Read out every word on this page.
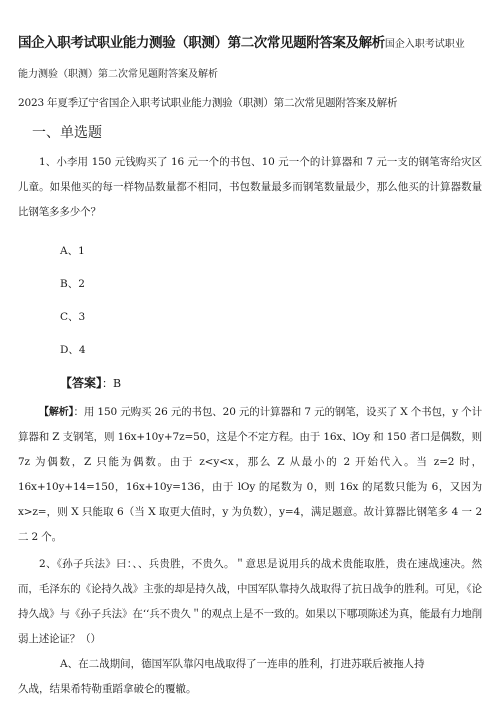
国企入职考试职业能力测验（职测）第二次常见题附答案及解析国企入职考试职业
能力测验（职测）第二次常见题附答案及解析
2023 年夏季辽宁省国企入职考试职业能力测验（职测）第二次常见题附答案及解析
一、单选题

1、小李用 150 元钱购买了 16 元一个的书包、10 元一个的计算器和 7 元一支的钢笔寄给灾区儿童。如果他买的每一样物品数量都不相同，书包数量最多而钢笔数量最少，那么他买的计算器数量比钢笔多多少个？

A、1
B、2
C、3
D、4
【答案】：B

【解析】：用 150 元购买 26 元的书包、20 元的计算器和 7 元的钢笔，设买了 X 个书包，y 个计算器和 Z 支钢笔，则 16x+10y+7z=50，这是个不定方程。由于 16x、lOy 和 150 者口是偶数，则 7z 为偶数，Z 只能为偶数。由于 z<y<x，那么 Z 从最小的 2 开始代入。当 z=2 时，16x+10y+14=150，16x+10y=136，由于 lOy 的尾数为 0，则 16x 的尾数只能为 6，又因为 x>z=，则 X 只能取 6（当 X 取更大值时，y 为负数），y=4，满足题意。故计算器比钢笔多 4 一 2 二 2 个。

2、《孙子兵法》曰：、、兵贵胜，不贵久。＂意思是说用兵的战术贵能取胜，贵在速战速决。然而，毛泽东的《论持久战》主张的却是持久战，中国军队靠持久战取得了抗日战争的胜利。可见，《论持久战》与《孙子兵法》在‘‘兵不贵久＂的观点上是不一致的。如果以下哪项陈述为真，能最有力地削弱上述论证？（）

A、在二战期间，德国军队靠闪电战取得了一连串的胜利，打进苏联后被拖人持

久战，结果希特勒重蹈拿破仑的覆辙。
